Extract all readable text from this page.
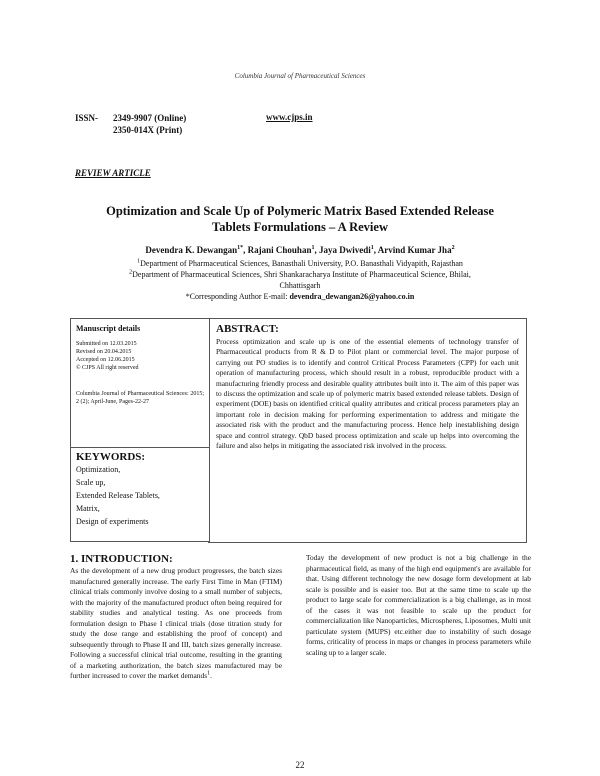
Columbia Journal of Pharmaceutical Sciences
ISSN- 2349-9907 (Online)
2350-014X (Print)
www.cjps.in
REVIEW ARTICLE
Optimization and Scale Up of Polymeric Matrix Based Extended Release
Tablets Formulations – A Review
Devendra K. Dewangan$^{1*}$, Rajani Chouhan$^1$, Jaya Dwivedi$^1$, Arvind Kumar Jha$^2$
$^1$Department of Pharmaceutical Sciences, Banasthali University, P.O. Banasthali Vidyapith, Rajasthan
$^2$Department of Pharmaceutical Sciences, Shri Shankaracharya Institute of Pharmaceutical Science, Bhilai,
Chhattisgarh
*Corresponding Author E-mail: devendra_dewangan26@yahoo.co.in
Manuscript details
Submitted on 12.03.2015
Revised on 20.04.2015
Accepted on 12.06.2015
© CJPS All right reserved
Columbia Journal of Pharmaceutical Sciences: 2015; 2 (2); April-June, Pages-22-27
KEYWORDS:
Optimization,
Scale up,
Extended Release Tablets,
Matrix,
Design of experiments
ABSTRACT:
Process optimization and scale up is one of the essential elements of technology transfer of Pharmaceutical products from R & D to Pilot plant or commercial level. The major purpose of carrying out PO studies is to identify and control Critical Process Parameters (CPP) for each unit operation of manufacturing process, which should result in a robust, reproducible product with a manufacturing friendly process and desirable quality attributes built into it. The aim of this paper was to discuss the optimization and scale up of polymeric matrix based extended release tablets. Design of experiment (DOE) basis on identified critical quality attributes and critical process parameters play an important role in decision making for performing experimentation to address and mitigate the associated risk with the product and the manufacturing process. Hence help inestablishing design space and control strategy. QbD based process optimization and scale up helps into overcoming the failure and also helps in mitigating the associated risk involved in the process.
1. INTRODUCTION:
As the development of a new drug product progresses, the batch sizes manufactured generally increase. The early First Time in Man (FTIM) clinical trials commonly involve dosing to a small number of subjects, with the majority of the manufactured product often being required for stability studies and analytical testing. As one proceeds from formulation design to Phase I clinical trials (dose titration study for study the dose range and establishing the proof of concept) and subsequently through to Phase II and III, batch sizes generally increase. Following a successful clinical trial outcome, resulting in the granting of a marketing authorization, the batch sizes manufactured may be further increased to cover the market demands$^1$.
Today the development of new product is not a big challenge in the pharmaceutical field, as many of the high end equipment's are available for that. Using different technology the new dosage form development at lab scale is possible and is easier too. But at the same time to scale up the product to large scale for commercialization is a big challenge, as in most of the cases it was not feasible to scale up the product for commercialization like Nanoparticles, Microspheres, Liposomes, Multi unit particulate system (MUPS) etc.either due to instability of such dosage forms, criticality of process in maps or changes in process parameters while scaling up to a larger scale.
22
